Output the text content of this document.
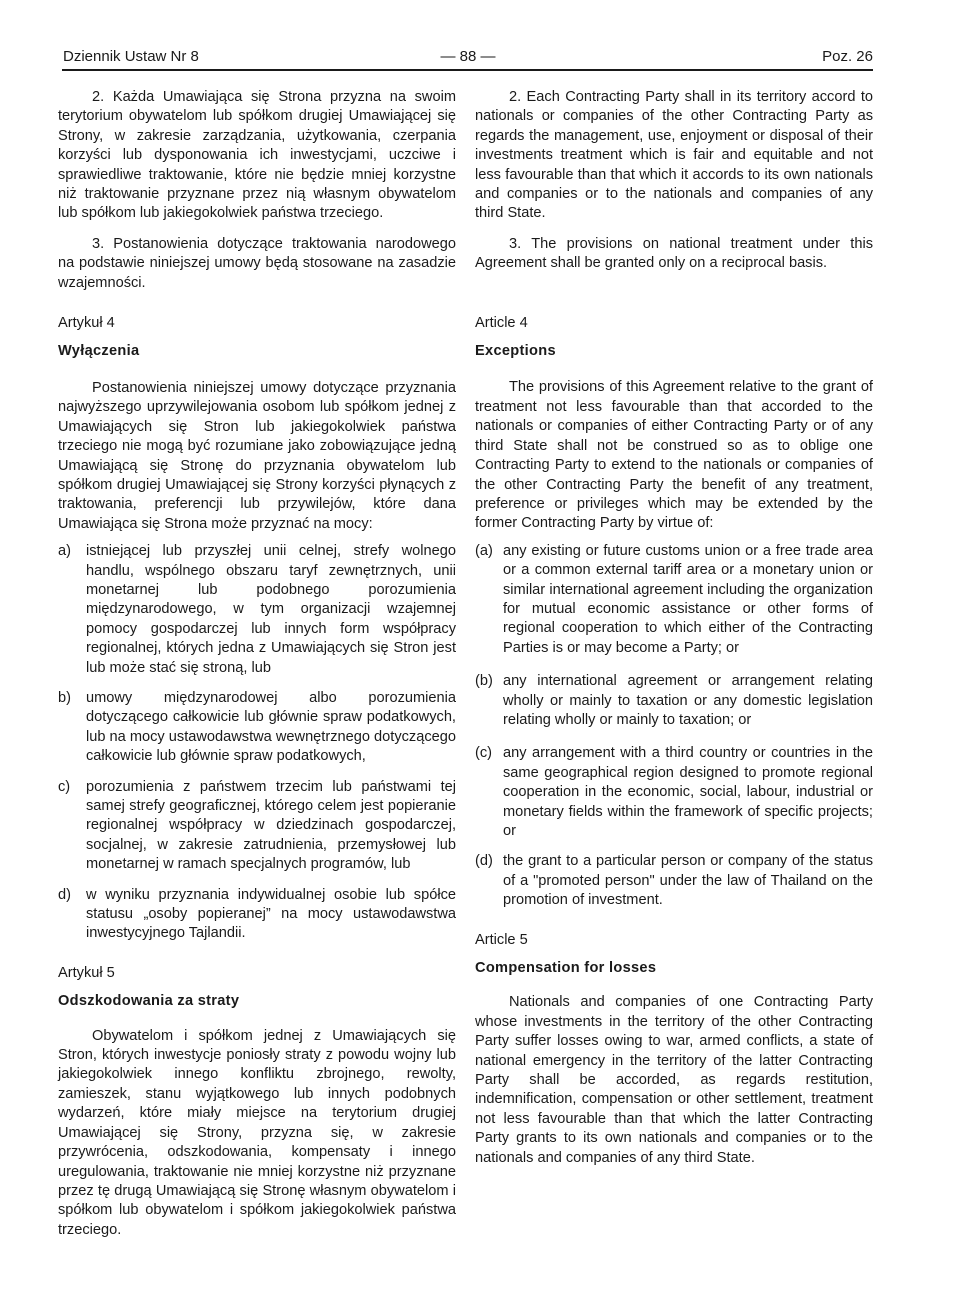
Dziennik Ustaw Nr 8	— 88 —	Poz. 26

2. Każda Umawiająca się Strona przyzna na swoim terytorium obywatelom lub spółkom drugiej Umawiającej się Strony, w zakresie zarządzania, użytkowania, czerpania korzyści lub dysponowania ich inwestycjami, uczciwe i sprawiedliwe traktowanie, które nie będzie mniej korzystne niż traktowanie przyznane przez nią własnym obywatelom lub spółkom lub jakiegokolwiek państwa trzeciego.

3. Postanowienia dotyczące traktowania narodowego na podstawie niniejszej umowy będą stosowane na zasadzie wzajemności.

Artykuł 4

Wyłączenia

Postanowienia niniejszej umowy dotyczące przyznania najwyższego uprzywilejowania osobom lub spółkom jednej z Umawiających się Stron lub jakiegokolwiek państwa trzeciego nie mogą być rozumiane jako zobowiązujące jedną Umawiającą się Stronę do przyznania obywatelom lub spółkom drugiej Umawiającej się Strony korzyści płynących z traktowania, preferencji lub przywilejów, które dana Umawiająca się Strona może przyznać na mocy:

a)	istniejącej lub przyszłej unii celnej, strefy wolnego handlu, wspólnego obszaru taryf zewnętrznych, unii monetarnej lub podobnego porozumienia międzynarodowego, w tym organizacji wzajemnej pomocy gospodarczej lub innych form współpracy regionalnej, których jedna z Umawiających się Stron jest lub może stać się stroną, lub
b)	umowy międzynarodowej albo porozumienia dotyczącego całkowicie lub głównie spraw podatkowych, lub na mocy ustawodawstwa wewnętrznego dotyczącego całkowicie lub głównie spraw podatkowych,
c)	porozumienia z państwem trzecim lub państwami tej samej strefy geograficznej, którego celem jest popieranie regionalnej współpracy w dziedzinach gospodarczej, socjalnej, w zakresie zatrudnienia, przemysłowej lub monetarnej w ramach specjalnych programów, lub
d)	w wyniku przyznania indywidualnej osobie lub spółce statusu „osoby popieranej” na mocy ustawodawstwa inwestycyjnego Tajlandii.

Artykuł 5

Odszkodowania za straty

Obywatelom i spółkom jednej z Umawiających się Stron, których inwestycje poniosły straty z powodu wojny lub jakiegokolwiek innego konfliktu zbrojnego, rewolty, zamieszek, stanu wyjątkowego lub innych podobnych wydarzeń, które miały miejsce na terytorium drugiej Umawiającej się Strony, przyzna się, w zakresie przywrócenia, odszkodowania, kompensaty i innego uregulowania, traktowanie nie mniej korzystne niż przyznane przez tę drugą Umawiającą się Stronę własnym obywatelom i spółkom lub obywatelom i spółkom jakiegokolwiek państwa trzeciego.

2. Each Contracting Party shall in its territory accord to nationals or companies of the other Contracting Party as regards the management, use, enjoyment or disposal of their investments treatment which is fair and equitable and not less favourable than that which it accords to its own nationals and companies or to the nationals and companies of any third State.

3. The provisions on national treatment under this Agreement shall be granted only on a reciprocal basis.

Article 4

Exceptions

The provisions of this Agreement relative to the grant of treatment not less favourable than that accorded to the nationals or companies of either Contracting Party or of any third State shall not be construed so as to oblige one Contracting Party to extend to the nationals or companies of the other Contracting Party the benefit of any treatment, preference or privileges which may be extended by the former Contracting Party by virtue of:

(a) any existing or future customs union or a free trade area or a common external tariff area or a monetary union or similar international agreement including the organization for mutual economic assistance or other forms of regional cooperation to which either of the Contracting Parties is or may become a Party; or
(b) any international agreement or arrangement relating wholly or mainly to taxation or any domestic legislation relating wholly or mainly to taxation; or
(c) any arrangement with a third country or countries in the same geographical region designed to promote regional cooperation in the economic, social, labour, industrial or monetary fields within the framework of specific projects; or
(d) the grant to a particular person or company of the status of a "promoted person" under the law of Thailand on the promotion of investment.

Article 5

Compensation for losses

Nationals and companies of one Contracting Party whose investments in the territory of the other Contracting Party suffer losses owing to war, armed conflicts, a state of national emergency in the territory of the latter Contracting Party shall be accorded, as regards restitution, indemnification, compensation or other settlement, treatment not less favourable than that which the latter Contracting Party grants to its own nationals and companies or to the nationals and companies of any third State.
